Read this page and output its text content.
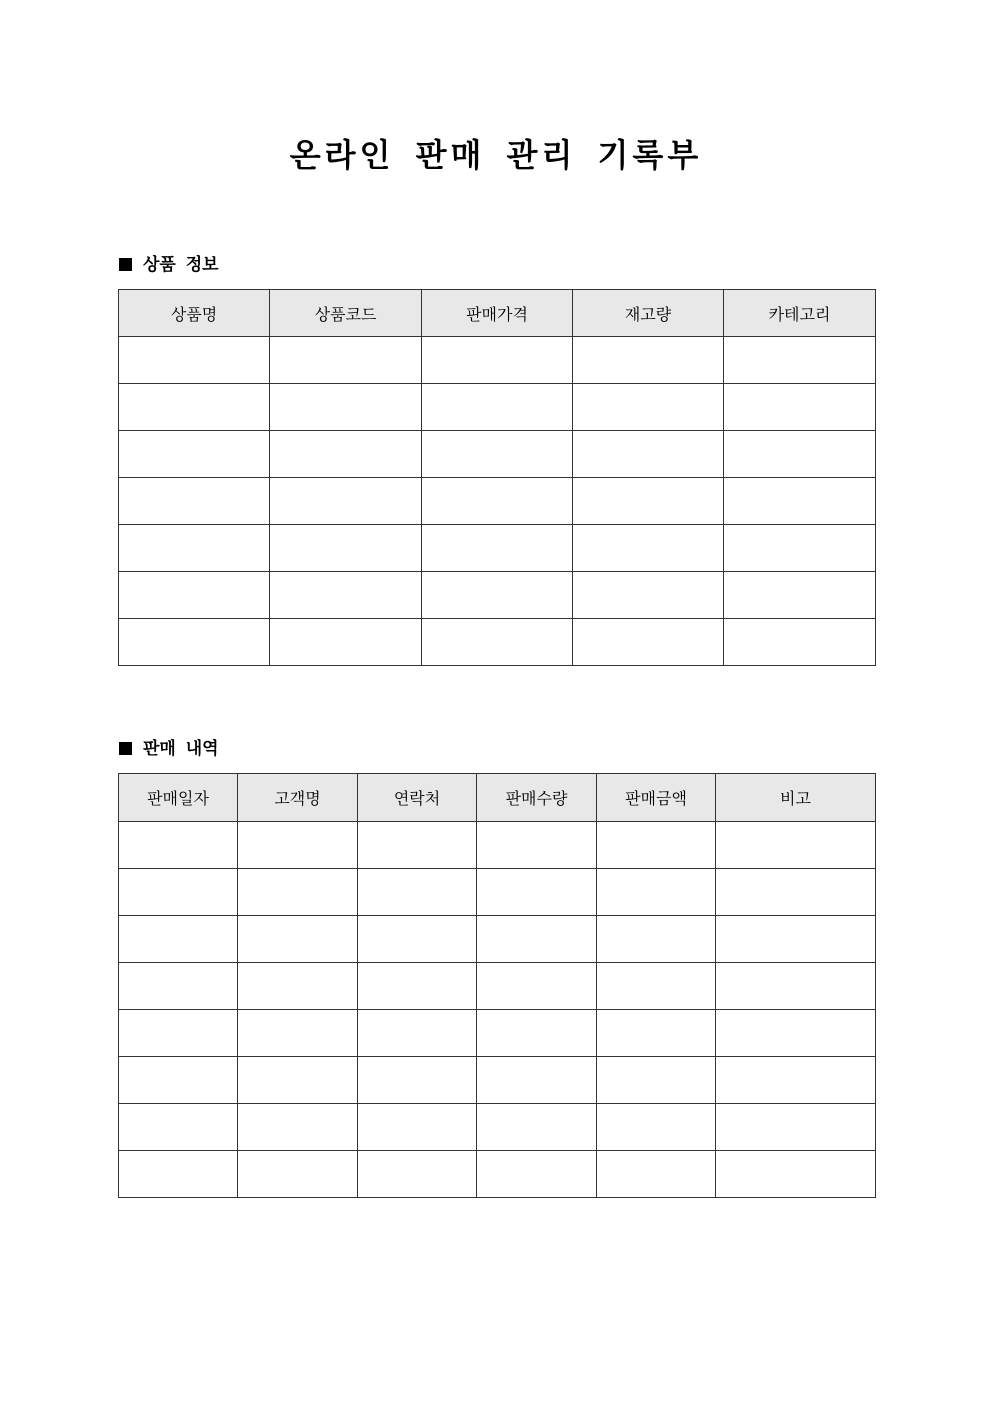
온라인 판매 관리 기록부
상품 정보
상품명	상품코드	판매가격	재고량	카테고리

판매 내역
판매일자	고객명	연락처	판매수량	판매금액	비고
